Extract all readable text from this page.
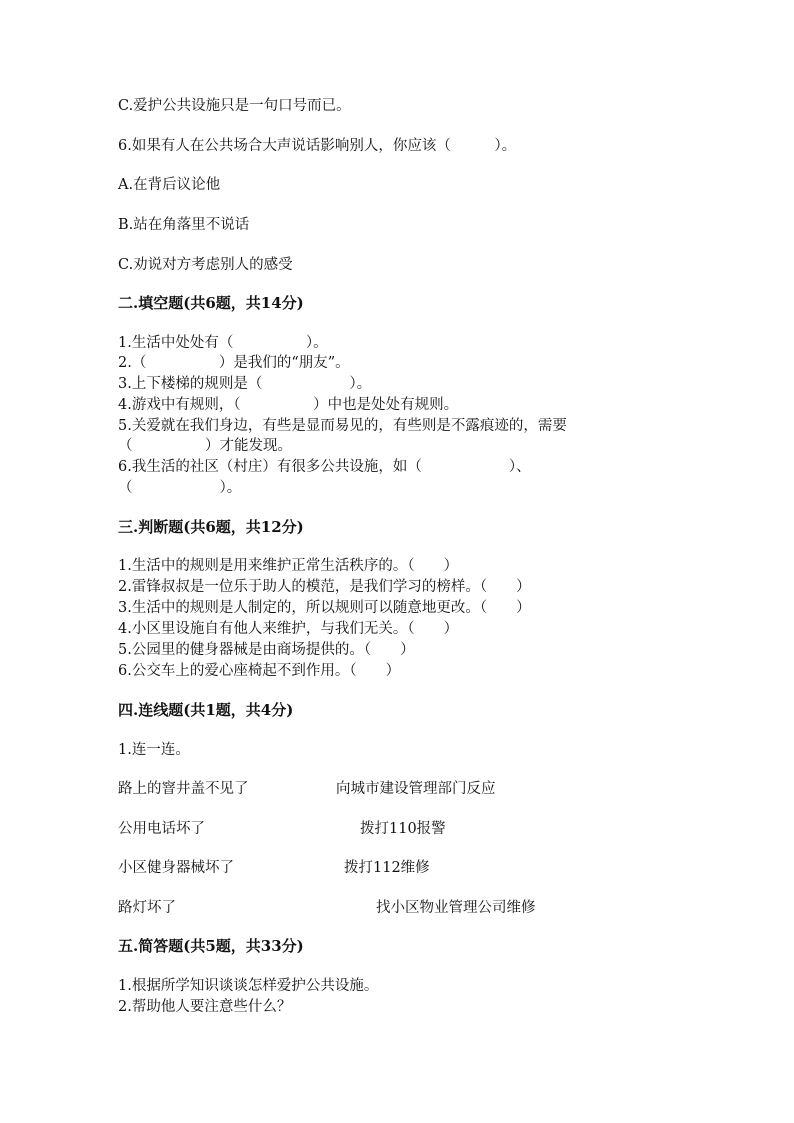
C.爱护公共设施只是一句口号而已。
6.如果有人在公共场合大声说话影响别人，你应该（　　　）。
A.在背后议论他
B.站在角落里不说话
C.劝说对方考虑别人的感受
二.填空题(共6题，共14分)
1.生活中处处有（　　　　　）。
2.（　　　　　）是我们的“朋友”。
3.上下楼梯的规则是（　　　　　　）。
4.游戏中有规则，（　　　　　）中也是处处有规则。
5.关爱就在我们身边，有些是显而易见的，有些则是不露痕迹的，需要
（　　　　　）才能发现。
6.我生活的社区（村庄）有很多公共设施，如（　　　　　　）、
（　　　　　　）。
三.判断题(共6题，共12分)
1.生活中的规则是用来维护正常生活秩序的。（　　）
2.雷锋叔叔是一位乐于助人的模范，是我们学习的榜样。（　　）
3.生活中的规则是人制定的，所以规则可以随意地更改。（　　）
4.小区里设施自有他人来维护，与我们无关。（　　）
5.公园里的健身器械是由商场提供的。（　　）
6.公交车上的爱心座椅起不到作用。（　　）
四.连线题(共1题，共4分)
1.连一连。
路上的窨井盖不见了	向城市建设管理部门反应
公用电话坏了	拨打110报警
小区健身器械坏了	拨打112维修
路灯坏了	找小区物业管理公司维修
五.简答题(共5题，共33分)
1.根据所学知识谈谈怎样爱护公共设施。
2.帮助他人要注意些什么？
